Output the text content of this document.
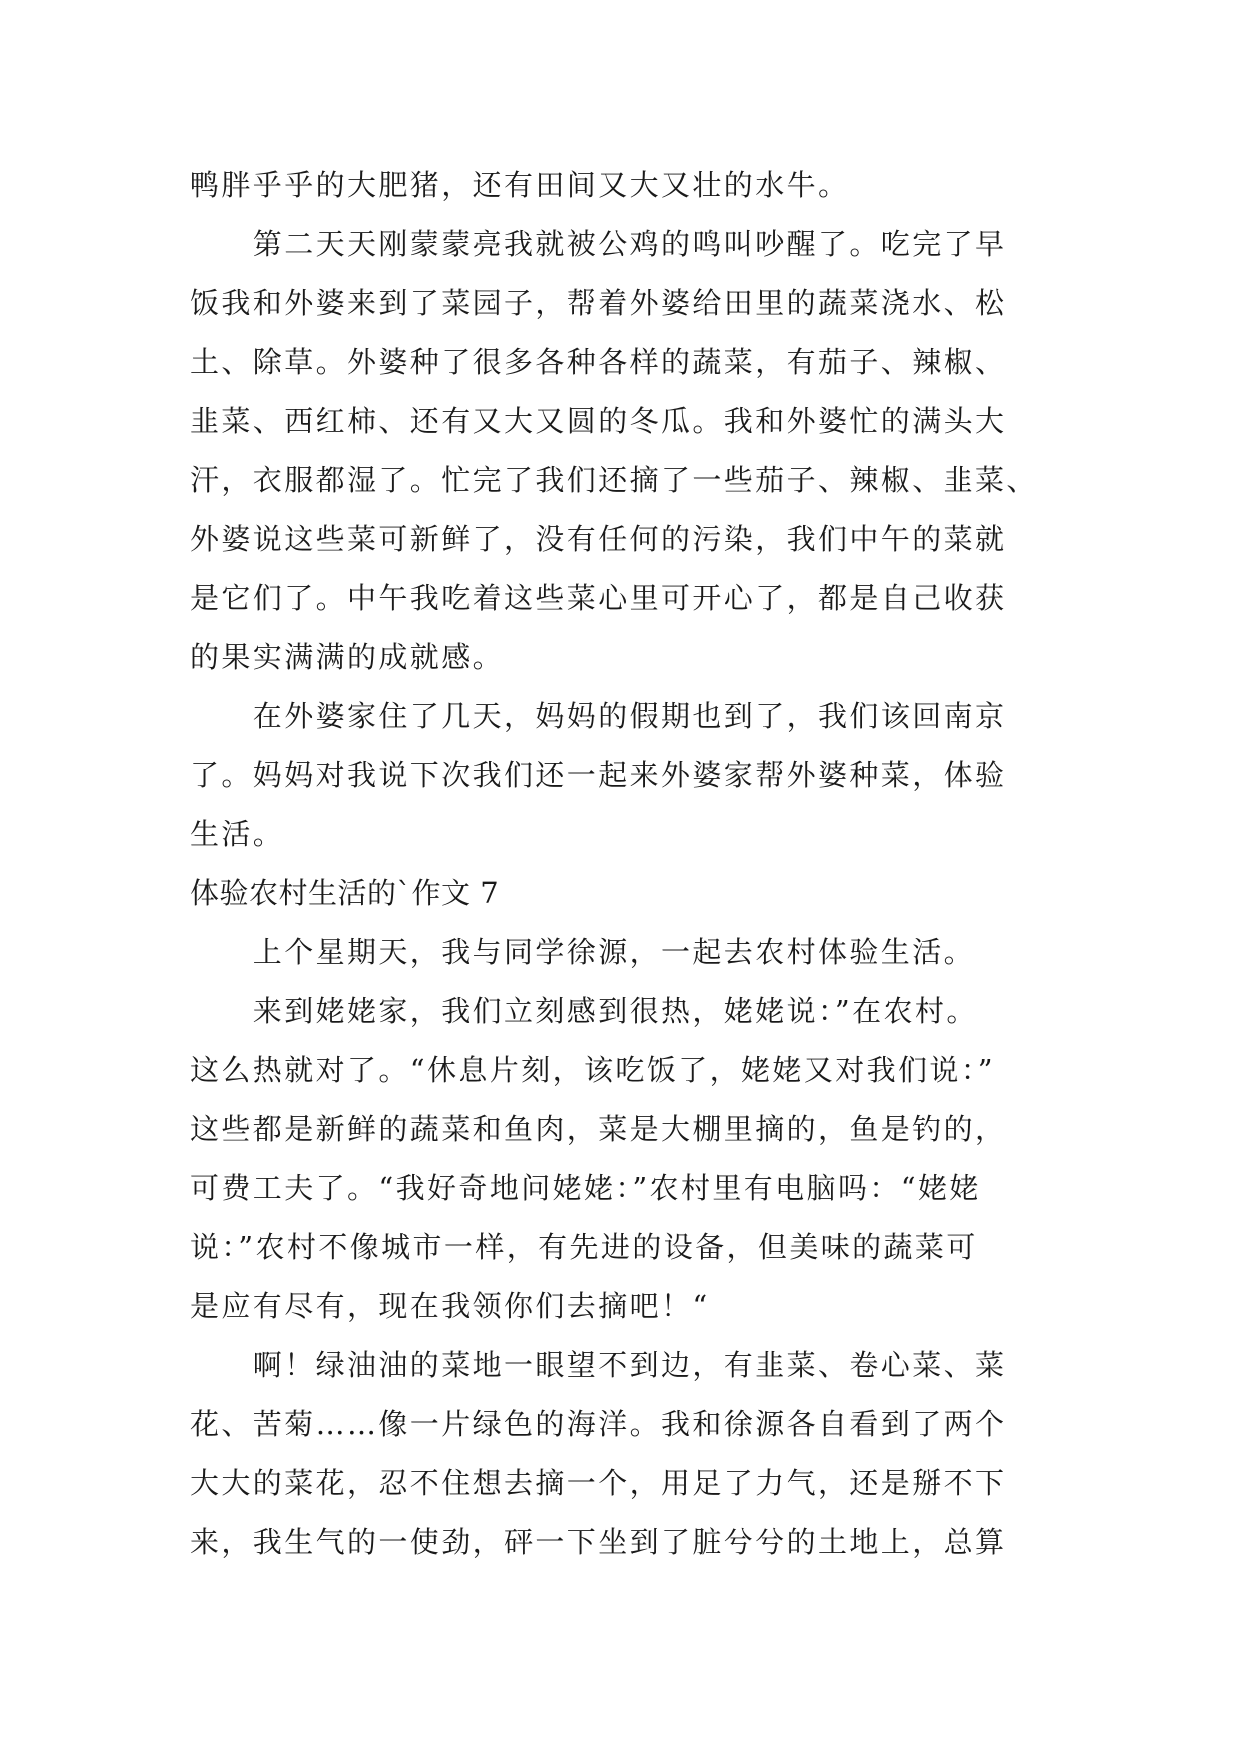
鸭胖乎乎的大肥猪，还有田间又大又壮的水牛。
　　第二天天刚蒙蒙亮我就被公鸡的鸣叫吵醒了。吃完了早
饭我和外婆来到了菜园子，帮着外婆给田里的蔬菜浇水、松
土、除草。外婆种了很多各种各样的蔬菜，有茄子、辣椒、
韭菜、西红柿、还有又大又圆的冬瓜。我和外婆忙的满头大
汗，衣服都湿了。忙完了我们还摘了一些茄子、辣椒、韭菜、
外婆说这些菜可新鲜了，没有任何的污染，我们中午的菜就
是它们了。中午我吃着这些菜心里可开心了，都是自己收获
的果实满满的成就感。
　　在外婆家住了几天，妈妈的假期也到了，我们该回南京
了。妈妈对我说下次我们还一起来外婆家帮外婆种菜，体验
生活。
体验农村生活的`作文 7
　　上个星期天，我与同学徐源，一起去农村体验生活。
　　来到姥姥家，我们立刻感到很热，姥姥说：”在农村。
这么热就对了。“休息片刻，该吃饭了，姥姥又对我们说：”
这些都是新鲜的蔬菜和鱼肉，菜是大棚里摘的，鱼是钓的，
可费工夫了。“我好奇地问姥姥：”农村里有电脑吗：“姥姥
说：”农村不像城市一样，有先进的设备，但美味的蔬菜可
是应有尽有，现在我领你们去摘吧！“
　　啊！绿油油的菜地一眼望不到边，有韭菜、卷心菜、菜
花、苦菊……像一片绿色的海洋。我和徐源各自看到了两个
大大的菜花，忍不住想去摘一个，用足了力气，还是掰不下
来，我生气的一使劲，砰一下坐到了脏兮兮的土地上，总算
